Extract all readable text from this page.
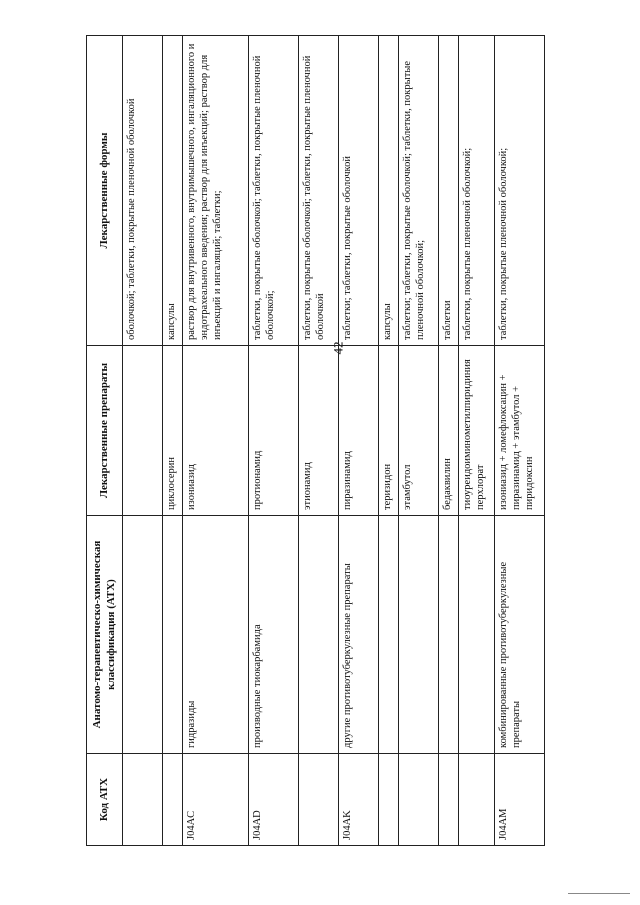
42
Код АТХ	Анатомо-терапевтическо-химическая классификация (АТХ)	Лекарственные препараты	Лекарственные формы
			оболочкой; таблетки, покрытые пленочной оболочкой
		циклосерин	капсулы
J04AC	гидразиды	изониазид	раствор для внутривенного, внутримышечного, ингаляционного и эндотрахеального введения; раствор для инъекций; раствор для инъекций и ингаляций; таблетки;
J04AD	производные тиокарбамида	протионамид	таблетки, покрытые оболочкой; таблетки, покрытые пленочной оболочкой;
		этионамид	таблетки, покрытые оболочкой; таблетки, покрытые пленочной оболочкой
J04AK	другие противотуберкулезные препараты	пиразинамид	таблетки; таблетки, покрытые оболочкой
		теризидон	капсулы
		этамбутол	таблетки; таблетки, покрытые оболочкой; таблетки, покрытые пленочной оболочкой;
		бедаквилин	таблетки
		тиоуреидоиминометилпиридиния перхлорат	таблетки, покрытые пленочной оболочкой;
J04AM	комбинированные противотуберкулезные препараты	изониазид + ломефлоксацин + пиразинамид + этамбутол + пиридоксин	таблетки, покрытые пленочной оболочкой;
